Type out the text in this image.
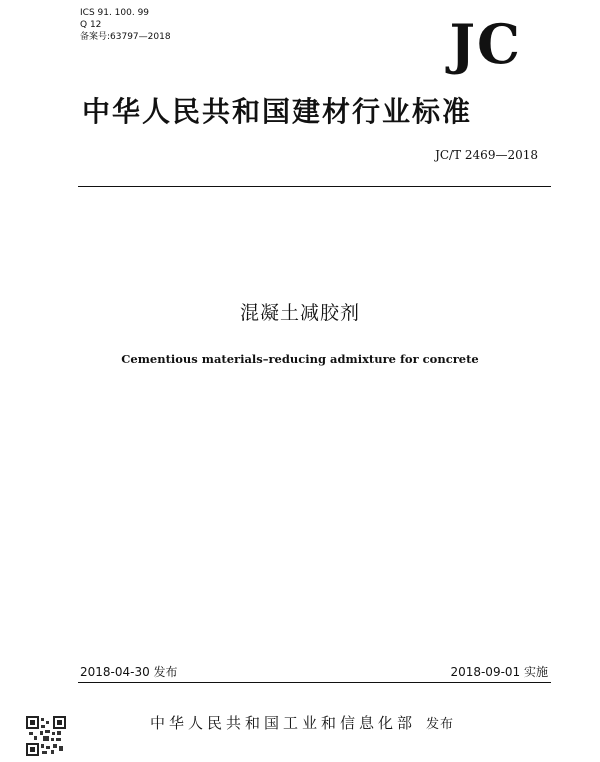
ICS 91. 100. 99
Q 12
备案号:63797—2018	JC
中华人民共和国建材行业标准
JC/T 2469—2018
混凝土减胶剂
Cementious materials–reducing admixture for concrete
2018-04-30 发布	2018-09-01 实施
中华人民共和国工业和信息化部 发布
